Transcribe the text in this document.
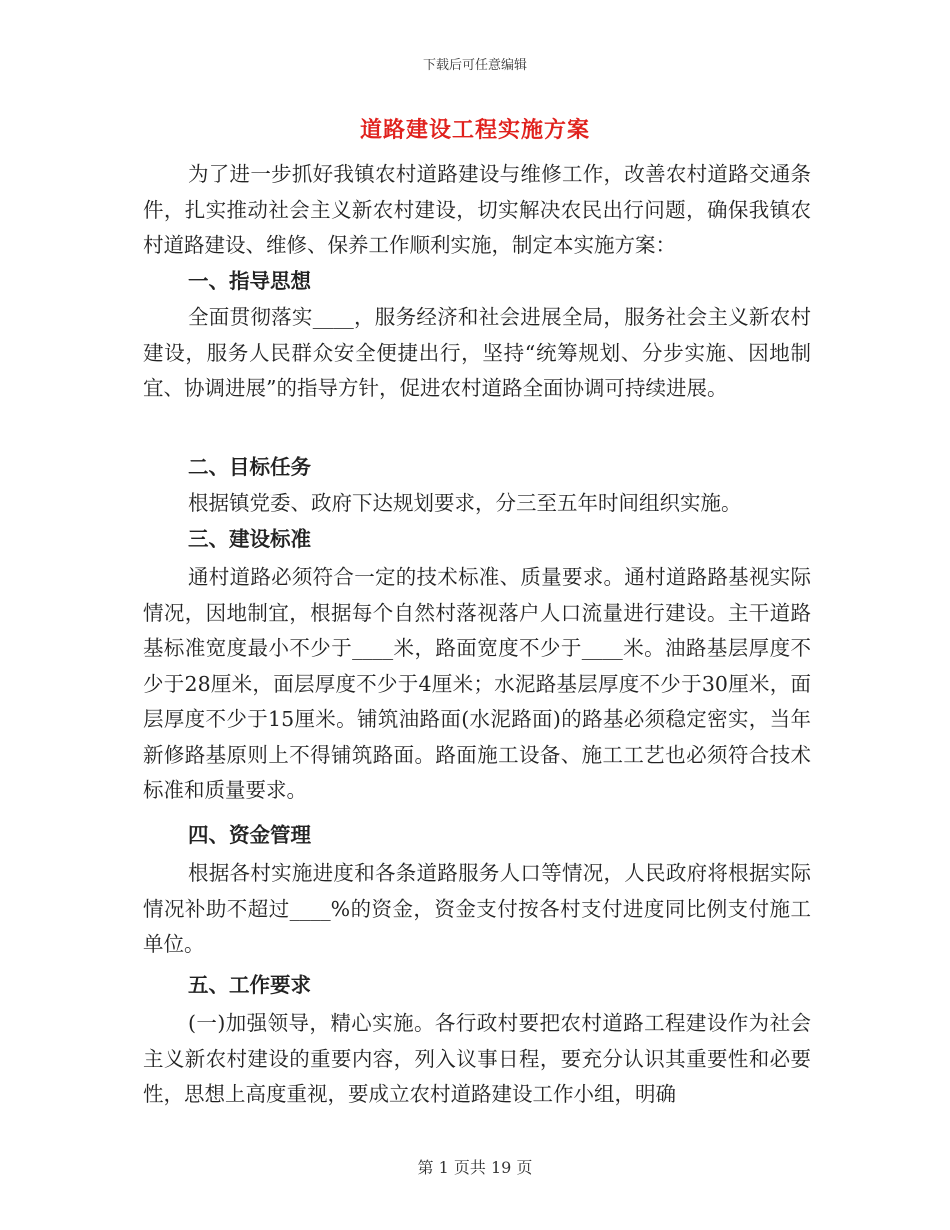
下载后可任意编辑
道路建设工程实施方案

为了进一步抓好我镇农村道路建设与维修工作，改善农村道路交通条件，扎实推动社会主义新农村建设，切实解决农民出行问题，确保我镇农村道路建设、维修、保养工作顺利实施，制定本实施方案：

一、指导思想

全面贯彻落实____，服务经济和社会进展全局，服务社会主义新农村建设，服务人民群众安全便捷出行，坚持“统筹规划、分步实施、因地制宜、协调进展”的指导方针，促进农村道路全面协调可持续进展。

二、目标任务

根据镇党委、政府下达规划要求，分三至五年时间组织实施。

三、建设标准

通村道路必须符合一定的技术标准、质量要求。通村道路路基视实际情况，因地制宜，根据每个自然村落视落户人口流量进行建设。主干道路基标准宽度最小不少于____米，路面宽度不少于____米。油路基层厚度不少于28厘米，面层厚度不少于4厘米；水泥路基层厚度不少于30厘米，面层厚度不少于15厘米。铺筑油路面(水泥路面)的路基必须稳定密实，当年新修路基原则上不得铺筑路面。路面施工设备、施工工艺也必须符合技术标准和质量要求。

四、资金管理

根据各村实施进度和各条道路服务人口等情况，人民政府将根据实际情况补助不超过____%的资金，资金支付按各村支付进度同比例支付施工单位。

五、工作要求

(一)加强领导，精心实施。各行政村要把农村道路工程建设作为社会主义新农村建设的重要内容，列入议事日程，要充分认识其重要性和必要性，思想上高度重视，要成立农村道路建设工作小组，明确

第 1 页共 19 页
